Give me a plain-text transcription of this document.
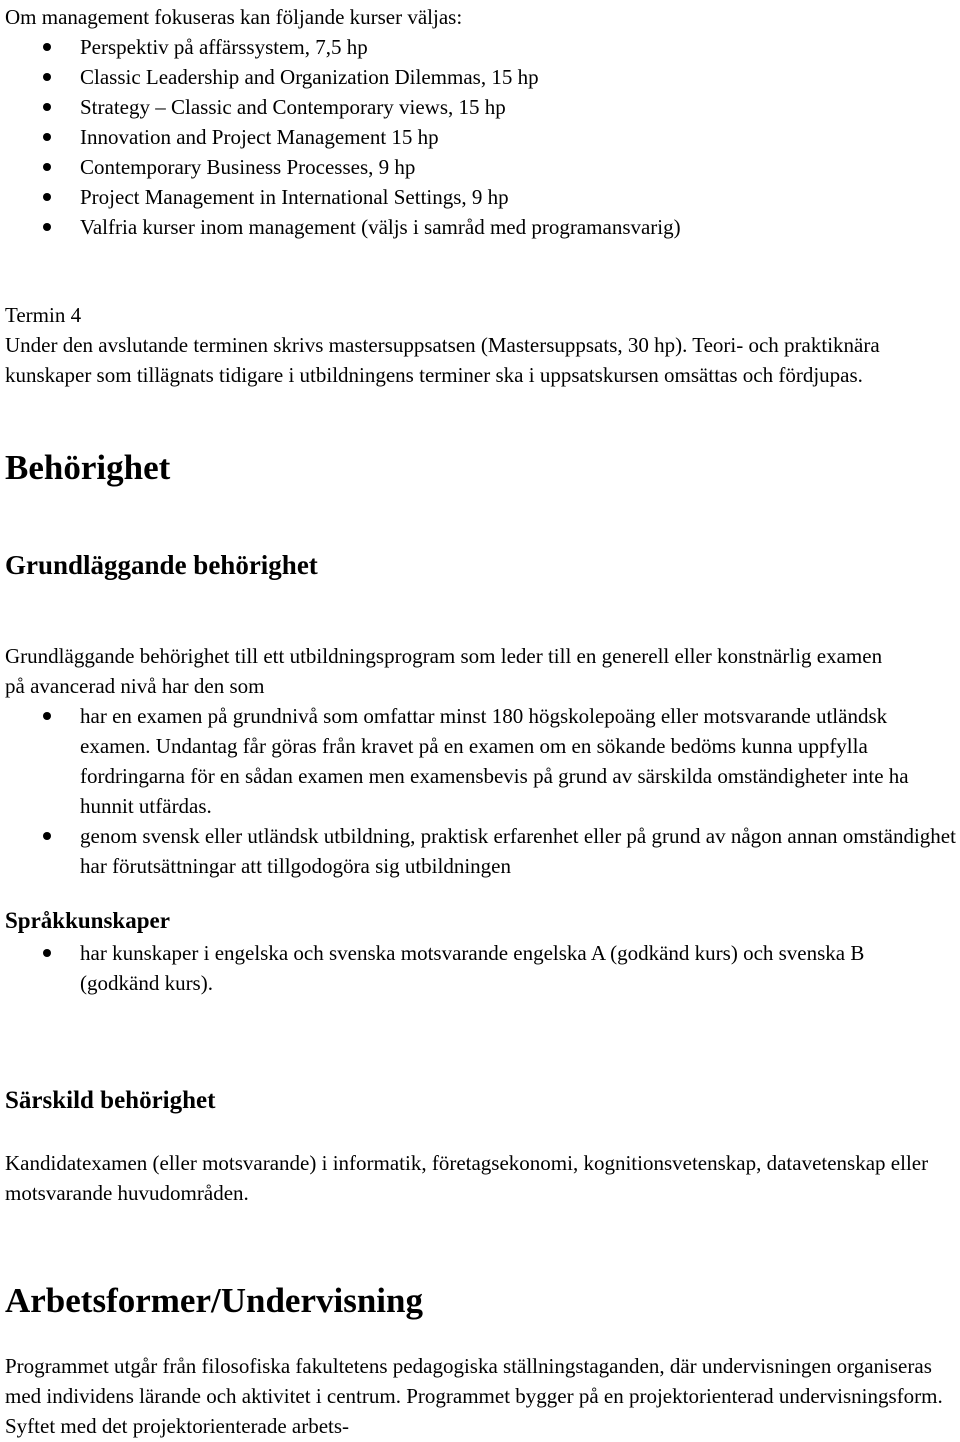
Om management fokuseras kan följande kurser väljas:

Perspektiv på affärssystem, 7,5 hp
Classic Leadership and Organization Dilemmas, 15 hp
Strategy – Classic and Contemporary views, 15 hp
Innovation and Project Management 15 hp
Contemporary Business Processes, 9 hp
Project Management in International Settings, 9 hp
Valfria kurser inom management (väljs i samråd med programansvarig)

Termin 4

Under den avslutande terminen skrivs mastersuppsatsen (Mastersuppsats, 30 hp). Teori- och praktiknära kunskaper som tillägnats tidigare i utbildningens terminer ska i uppsatskursen omsättas och fördjupas.

Behörighet
Grundläggande behörighet

Grundläggande behörighet till ett utbildningsprogram som leder till en generell eller konstnärlig examen på avancerad nivå har den som

har en examen på grundnivå som omfattar minst 180 högskolepoäng eller motsvarande utländsk examen. Undantag får göras från kravet på en examen om en sökande bedöms kunna uppfylla fordringarna för en sådan examen men examensbevis på grund av särskilda omständigheter inte ha hunnit utfärdas.
genom svensk eller utländsk utbildning, praktisk erfarenhet eller på grund av någon annan omständighet har förutsättningar att tillgodogöra sig utbildningen
Språkkunskaper
har kunskaper i engelska och svenska motsvarande engelska A (godkänd kurs) och svenska B (godkänd kurs).
Särskild behörighet

Kandidatexamen (eller motsvarande) i informatik, företagsekonomi, kognitionsvetenskap, datavetenskap eller motsvarande huvudområden.

Arbetsformer/Undervisning

Programmet utgår från filosofiska fakultetens pedagogiska ställningstaganden, där undervisningen organiseras med individens lärande och aktivitet i centrum. Programmet bygger på en projektorienterad undervisningsform. Syftet med det projektorienterade arbets-
